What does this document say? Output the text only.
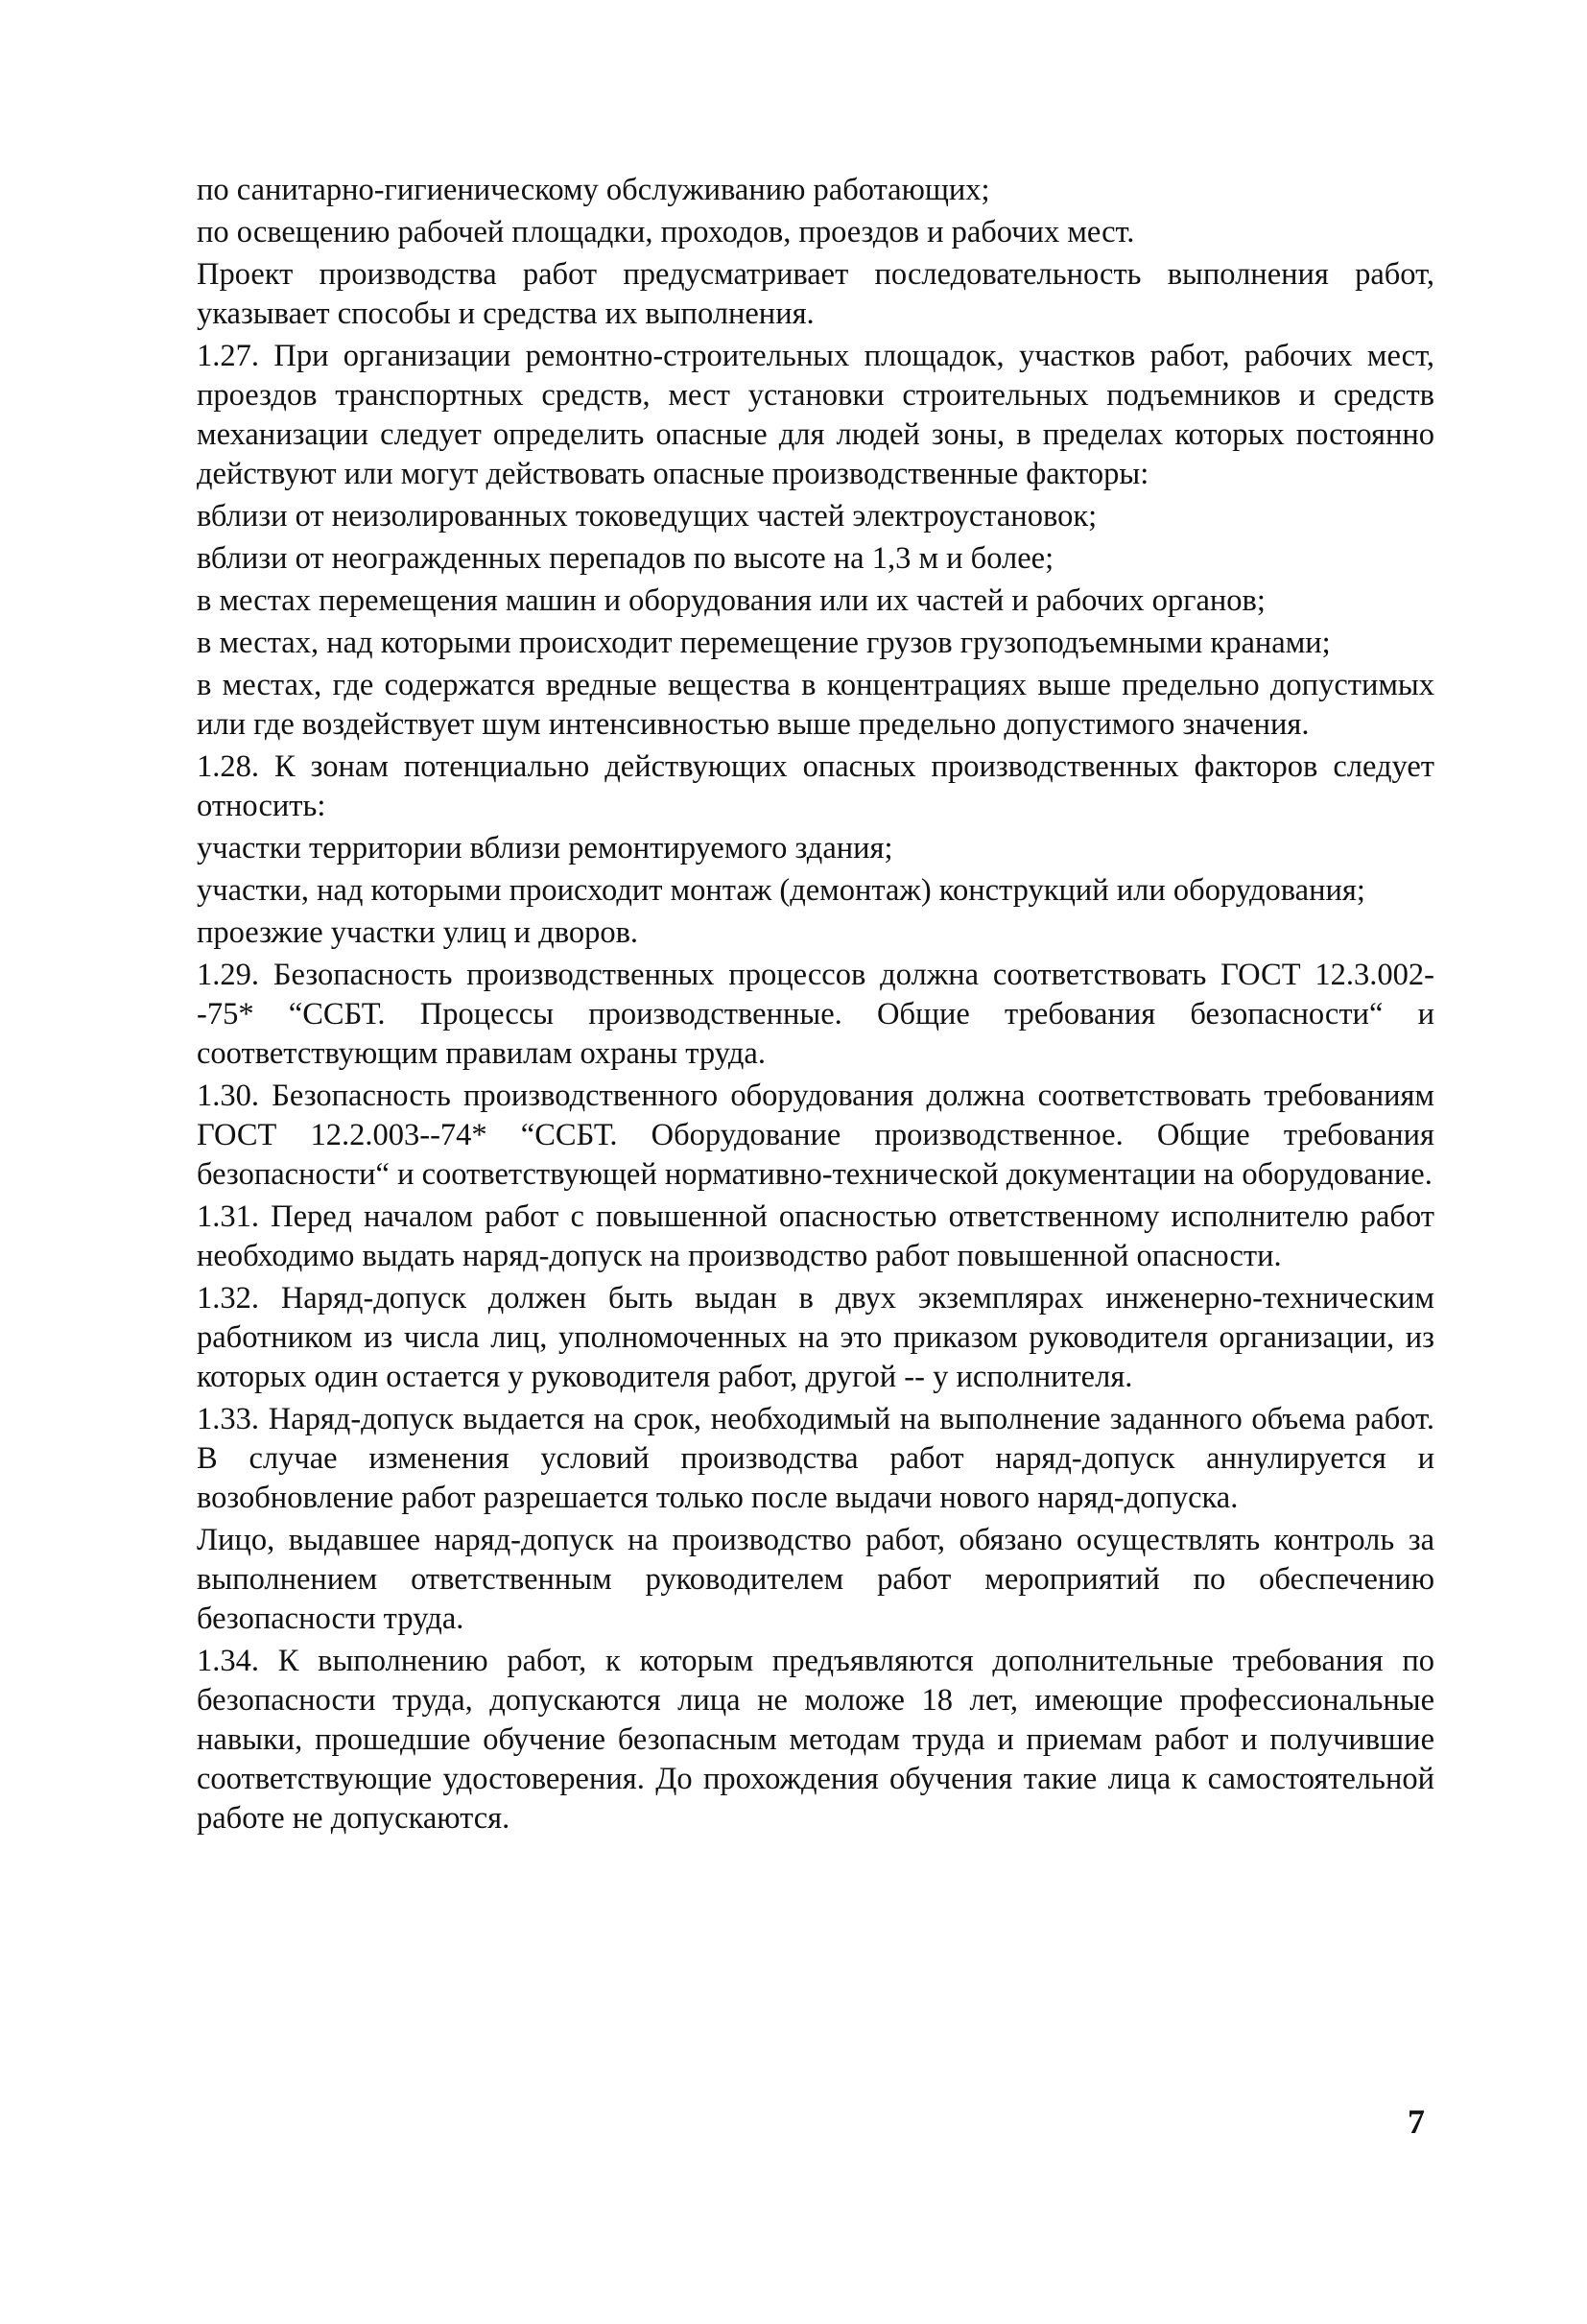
по санитарно-гигиеническому обслуживанию работающих;

по освещению рабочей площадки, проходов, проездов и рабочих мест.

Проект производства работ предусматривает последовательность выполнения работ, указывает способы и средства их выполнения.

1.27. При организации ремонтно-строительных площадок, участков работ, рабочих мест, проездов транспортных средств, мест установки строительных подъемников и средств механизации следует определить опасные для людей зоны, в пределах которых постоянно действуют или могут действовать опасные производственные факторы:

вблизи от неизолированных токоведущих частей электроустановок;

вблизи от неогражденных перепадов по высоте на 1,3 м и более;

в местах перемещения машин и оборудования или их частей и рабочих органов;

в местах, над которыми происходит перемещение грузов грузоподъемными кранами;

в местах, где содержатся вредные вещества в концентрациях выше предельно допустимых или где воздействует шум интенсивностью выше предельно допустимого значения.

1.28. К зонам потенциально действующих опасных производственных факторов следует относить:

участки территории вблизи ремонтируемого здания;

участки, над которыми происходит монтаж (демонтаж) конструкций или оборудования;

проезжие участки улиц и дворов.

1.29. Безопасность производственных процессов должна соответствовать ГОСТ 12.3.002--75* “ССБТ. Процессы производственные. Общие требования безопасности“ и соответствующим правилам охраны труда.

1.30. Безопасность производственного оборудования должна соответствовать требованиям ГОСТ 12.2.003--74* “ССБТ. Оборудование производственное. Общие требования безопасности“ и соответствующей нормативно-технической документации на оборудование.

1.31. Перед началом работ с повышенной опасностью ответственному исполнителю работ необходимо выдать наряд-допуск на производство работ повышенной опасности.

1.32. Наряд-допуск должен быть выдан в двух экземплярах инженерно-техническим работником из числа лиц, уполномоченных на это приказом руководителя организации, из которых один остается у руководителя работ, другой -- у исполнителя.

1.33. Наряд-допуск выдается на срок, необходимый на выполнение заданного объема работ. В случае изменения условий производства работ наряд-допуск аннулируется и возобновление работ разрешается только после выдачи нового наряд-допуска.

Лицо, выдавшее наряд-допуск на производство работ, обязано осуществлять контроль за выполнением ответственным руководителем работ мероприятий по обеспечению безопасности труда.

1.34. К выполнению работ, к которым предъявляются дополнительные требования по безопасности труда, допускаются лица не моложе 18 лет, имеющие профессиональные навыки, прошедшие обучение безопасным методам труда и приемам работ и получившие соответствующие удостоверения. До прохождения обучения такие лица к самостоятельной работе не допускаются.

7
